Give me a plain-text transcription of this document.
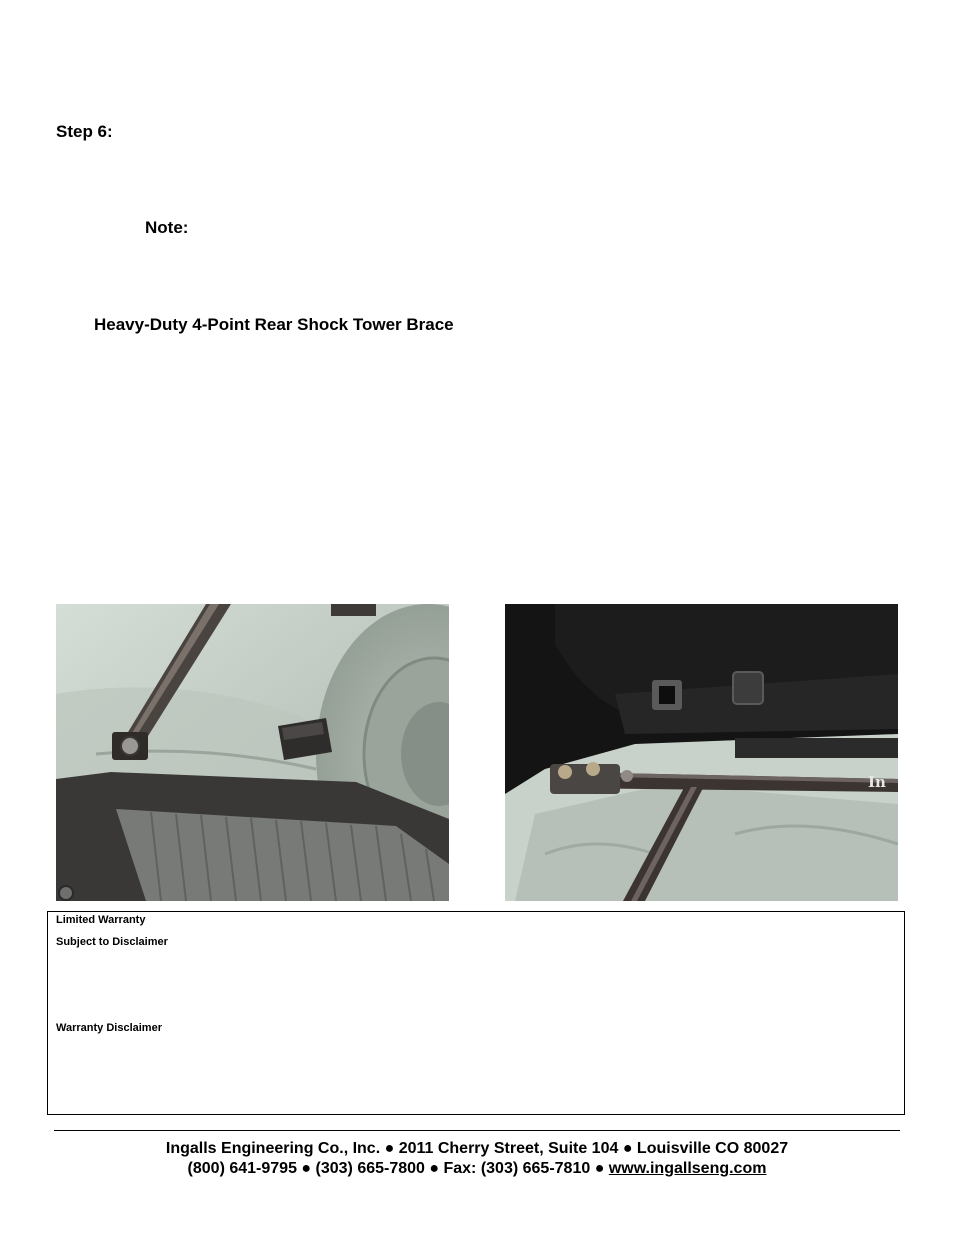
Step 6:
Note:
Heavy-Duty 4-Point Rear Shock Tower Brace
In
Limited Warranty
Subject to Disclaimer
Warranty Disclaimer
Ingalls Engineering Co., Inc. ● 2011 Cherry Street, Suite 104 ● Louisville CO 80027
(800) 641-9795 ● (303) 665-7800 ● Fax: (303) 665-7810 ● www.ingallseng.com
